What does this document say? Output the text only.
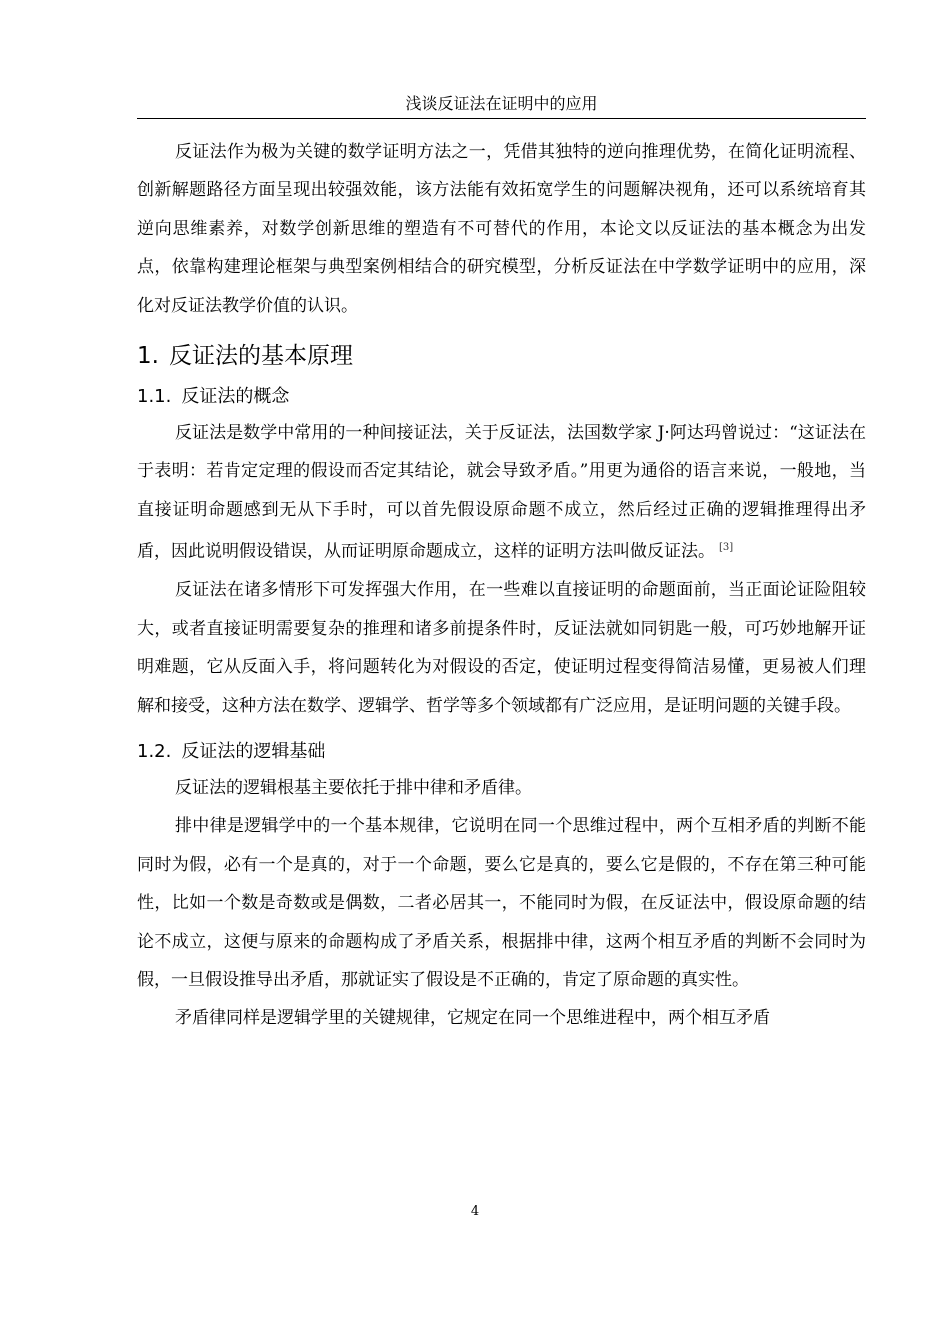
浅谈反证法在证明中的应用

反证法作为极为关键的数学证明方法之一，凭借其独特的逆向推理优势，在简化证明流程、创新解题路径方面呈现出较强效能，该方法能有效拓宽学生的问题解决视角，还可以系统培育其逆向思维素养，对数学创新思维的塑造有不可替代的作用，本论文以反证法的基本概念为出发点，依靠构建理论框架与典型案例相结合的研究模型，分析反证法在中学数学证明中的应用，深化对反证法教学价值的认识。

1. 反证法的基本原理
1.1. 反证法的概念

反证法是数学中常用的一种间接证法，关于反证法，法国数学家 J·阿达玛曾说过：“这证法在于表明：若肯定定理的假设而否定其结论，就会导致矛盾。”用更为通俗的语言来说，一般地，当直接证明命题感到无从下手时，可以首先假设原命题不成立，然后经过正确的逻辑推理得出矛盾，因此说明假设错误，从而证明原命题成立，这样的证明方法叫做反证法。 [3]

反证法在诸多情形下可发挥强大作用，在一些难以直接证明的命题面前，当正面论证险阻较大，或者直接证明需要复杂的推理和诸多前提条件时，反证法就如同钥匙一般，可巧妙地解开证明难题，它从反面入手，将问题转化为对假设的否定，使证明过程变得简洁易懂，更易被人们理解和接受，这种方法在数学、逻辑学、哲学等多个领域都有广泛应用，是证明问题的关键手段。

1.2. 反证法的逻辑基础

反证法的逻辑根基主要依托于排中律和矛盾律。

排中律是逻辑学中的一个基本规律，它说明在同一个思维过程中，两个互相矛盾的判断不能同时为假，必有一个是真的，对于一个命题，要么它是真的，要么它是假的，不存在第三种可能性，比如一个数是奇数或是偶数，二者必居其一，不能同时为假，在反证法中，假设原命题的结论不成立，这便与原来的命题构成了矛盾关系，根据排中律，这两个相互矛盾的判断不会同时为假，一旦假设推导出矛盾，那就证实了假设是不正确的，肯定了原命题的真实性。

矛盾律同样是逻辑学里的关键规律，它规定在同一个思维进程中，两个相互矛盾

4
